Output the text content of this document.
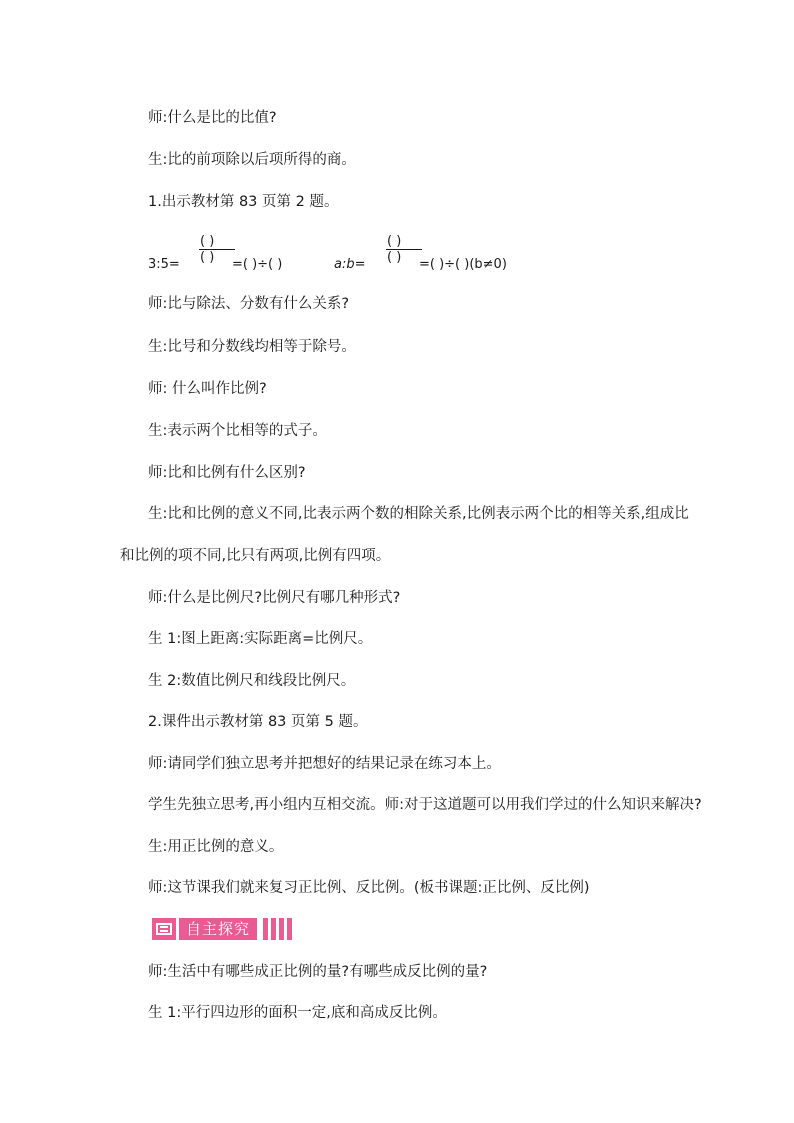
师:什么是比的比值?
生:比的前项除以后项所得的商。
1.出示教材第 83 页第 2 题。
3:5=
( )
( ) =( )÷( )	a:b=
( )
( ) =( )÷( )(b≠0)
师:比与除法、分数有什么关系?
生:比号和分数线均相等于除号。
师: 什么叫作比例?
生:表示两个比相等的式子。
师:比和比例有什么区别?
生:比和比例的意义不同,比表示两个数的相除关系,比例表示两个比的相等关系,组成比
和比例的项不同,比只有两项,比例有四项。
师:什么是比例尺?比例尺有哪几种形式?
生 1:图上距离:实际距离=比例尺。
生 2:数值比例尺和线段比例尺。
2.课件出示教材第 83 页第 5 题。
师:请同学们独立思考并把想好的结果记录在练习本上。
学生先独立思考,再小组内互相交流。师:对于这道题可以用我们学过的什么知识来解决?
生:用正比例的意义。
师:这节课我们就来复习正比例、反比例。(板书课题:正比例、反比例)
自主探究
师:生活中有哪些成正比例的量?有哪些成反比例的量?
生 1:平行四边形的面积一定,底和高成反比例。
